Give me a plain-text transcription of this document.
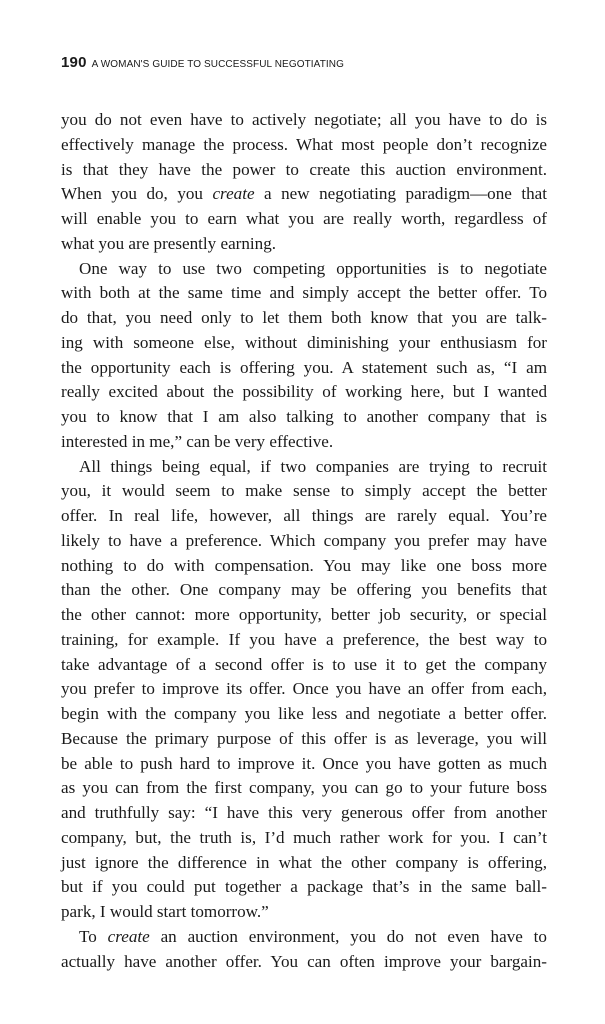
190 A WOMAN'S GUIDE TO SUCCESSFUL NEGOTIATING
you do not even have to actively negotiate; all you have to do is
effectively manage the process. What most people don’t recognize
is that they have the power to create this auction environment.
When you do, you create a new negotiating paradigm—one that
will enable you to earn what you are really worth, regardless of
what you are presently earning.
One way to use two competing opportunities is to negotiate
with both at the same time and simply accept the better offer. To
do that, you need only to let them both know that you are talk-
ing with someone else, without diminishing your enthusiasm for
the opportunity each is offering you. A statement such as, “I am
really excited about the possibility of working here, but I wanted
you to know that I am also talking to another company that is
interested in me,” can be very effective.
All things being equal, if two companies are trying to recruit
you, it would seem to make sense to simply accept the better
offer. In real life, however, all things are rarely equal. You’re
likely to have a preference. Which company you prefer may have
nothing to do with compensation. You may like one boss more
than the other. One company may be offering you benefits that
the other cannot: more opportunity, better job security, or special
training, for example. If you have a preference, the best way to
take advantage of a second offer is to use it to get the company
you prefer to improve its offer. Once you have an offer from each,
begin with the company you like less and negotiate a better offer.
Because the primary purpose of this offer is as leverage, you will
be able to push hard to improve it. Once you have gotten as much
as you can from the first company, you can go to your future boss
and truthfully say: “I have this very generous offer from another
company, but, the truth is, I’d much rather work for you. I can’t
just ignore the difference in what the other company is offering,
but if you could put together a package that’s in the same ball-
park, I would start tomorrow.”
To create an auction environment, you do not even have to
actually have another offer. You can often improve your bargain-
